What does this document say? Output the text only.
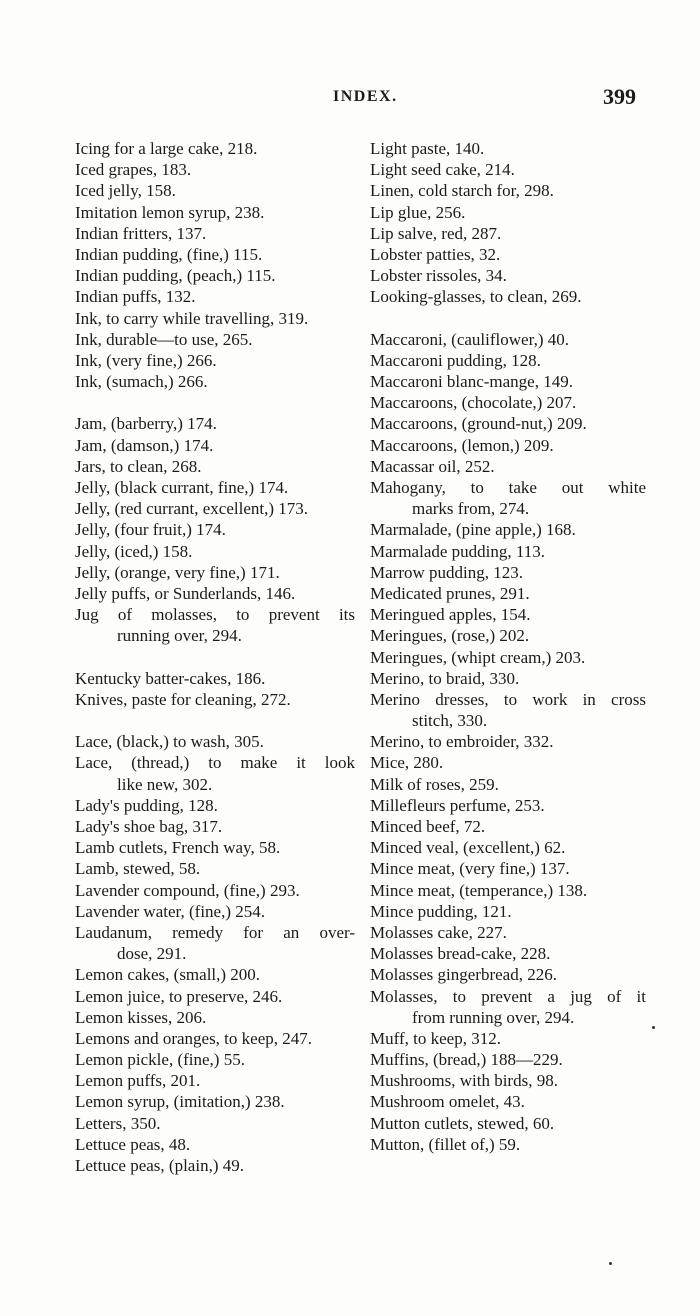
INDEX.	399
Icing for a large cake, 218.
Iced grapes, 183.
Iced jelly, 158.
Imitation lemon syrup, 238.
Indian fritters, 137.
Indian pudding, (fine,) 115.
Indian pudding, (peach,) 115.
Indian puffs, 132.
Ink, to carry while travelling, 319.
Ink, durable—to use, 265.
Ink, (very fine,) 266.
Ink, (sumach,) 266.
Jam, (barberry,) 174.
Jam, (damson,) 174.
Jars, to clean, 268.
Jelly, (black currant, fine,) 174.
Jelly, (red currant, excellent,) 173.
Jelly, (four fruit,) 174.
Jelly, (iced,) 158.
Jelly, (orange, very fine,) 171.
Jelly puffs, or Sunderlands, 146.
Jug of molasses, to prevent its
running over, 294.
Kentucky batter-cakes, 186.
Knives, paste for cleaning, 272.
Lace, (black,) to wash, 305.
Lace, (thread,) to make it look
like new, 302.
Lady's pudding, 128.
Lady's shoe bag, 317.
Lamb cutlets, French way, 58.
Lamb, stewed, 58.
Lavender compound, (fine,) 293.
Lavender water, (fine,) 254.
Laudanum, remedy for an over-
dose, 291.
Lemon cakes, (small,) 200.
Lemon juice, to preserve, 246.
Lemon kisses, 206.
Lemons and oranges, to keep, 247.
Lemon pickle, (fine,) 55.
Lemon puffs, 201.
Lemon syrup, (imitation,) 238.
Letters, 350.
Lettuce peas, 48.
Lettuce peas, (plain,) 49.
Light paste, 140.
Light seed cake, 214.
Linen, cold starch for, 298.
Lip glue, 256.
Lip salve, red, 287.
Lobster patties, 32.
Lobster rissoles, 34.
Looking-glasses, to clean, 269.
Maccaroni, (cauliflower,) 40.
Maccaroni pudding, 128.
Maccaroni blanc-mange, 149.
Maccaroons, (chocolate,) 207.
Maccaroons, (ground-nut,) 209.
Maccaroons, (lemon,) 209.
Macassar oil, 252.
Mahogany, to take out white
marks from, 274.
Marmalade, (pine apple,) 168.
Marmalade pudding, 113.
Marrow pudding, 123.
Medicated prunes, 291.
Meringued apples, 154.
Meringues, (rose,) 202.
Meringues, (whipt cream,) 203.
Merino, to braid, 330.
Merino dresses, to work in cross
stitch, 330.
Merino, to embroider, 332.
Mice, 280.
Milk of roses, 259.
Millefleurs perfume, 253.
Minced beef, 72.
Minced veal, (excellent,) 62.
Mince meat, (very fine,) 137.
Mince meat, (temperance,) 138.
Mince pudding, 121.
Molasses cake, 227.
Molasses bread-cake, 228.
Molasses gingerbread, 226.
Molasses, to prevent a jug of it
from running over, 294.
Muff, to keep, 312.
Muffins, (bread,) 188—229.
Mushrooms, with birds, 98.
Mushroom omelet, 43.
Mutton cutlets, stewed, 60.
Mutton, (fillet of,) 59.
